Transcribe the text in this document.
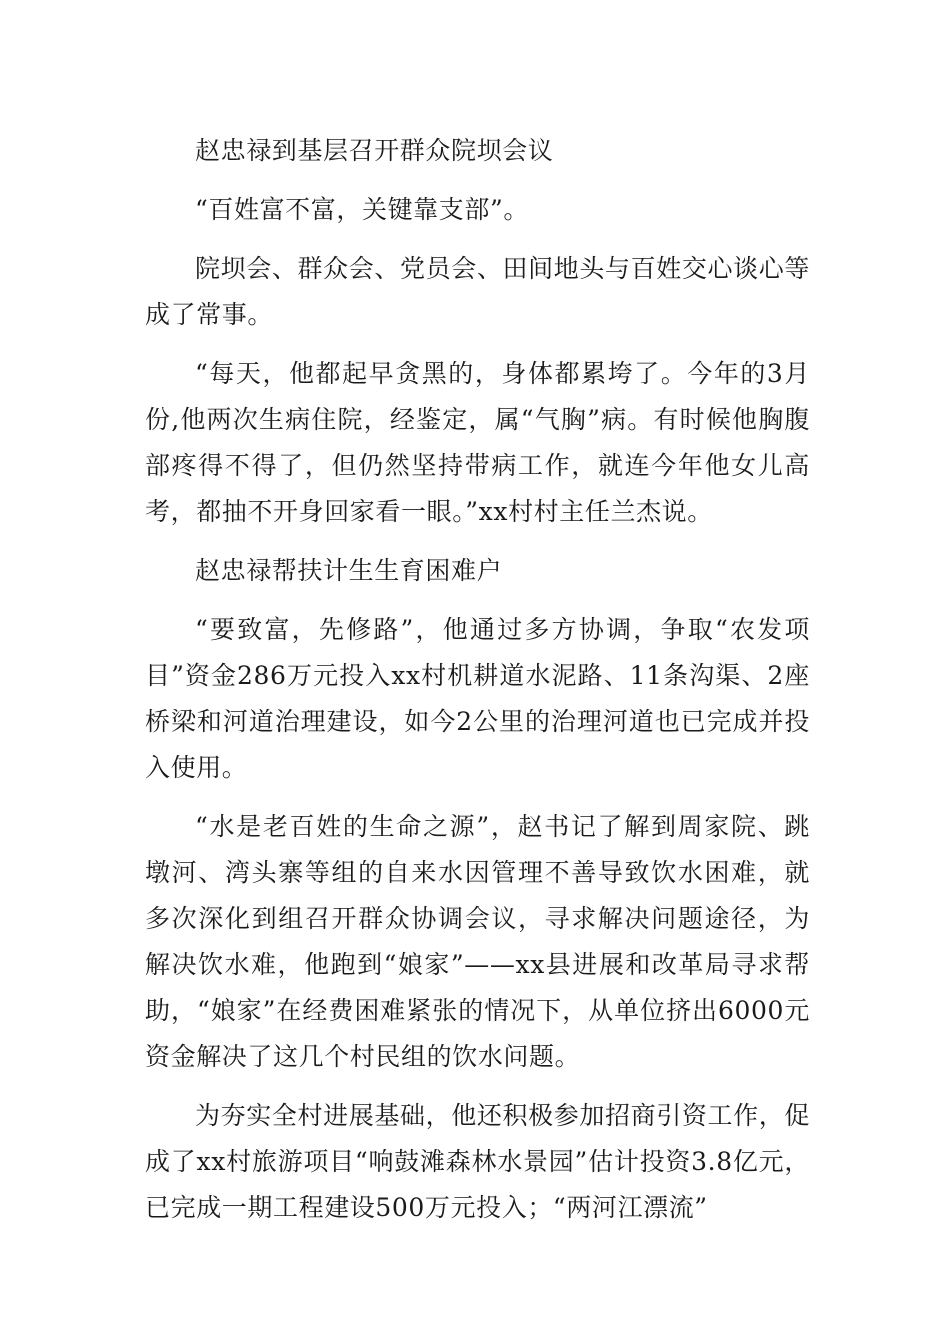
赵忠禄到基层召开群众院坝会议

“百姓富不富，关键靠支部”。

院坝会、群众会、党员会、田间地头与百姓交心谈心等成了常事。

“每天，他都起早贪黑的，身体都累垮了。今年的3月份,他两次生病住院，经鉴定，属“气胸”病。有时候他胸腹部疼得不得了，但仍然坚持带病工作，就连今年他女儿高考，都抽不开身回家看一眼。”xx村村主任兰杰说。

赵忠禄帮扶计生生育困难户

“要致富，先修路”，他通过多方协调，争取“农发项目”资金286万元投入xx村机耕道水泥路、11条沟渠、2座桥梁和河道治理建设，如今2公里的治理河道也已完成并投入使用。

“水是老百姓的生命之源”，赵书记了解到周家院、跳墩河、湾头寨等组的自来水因管理不善导致饮水困难，就多次深化到组召开群众协调会议，寻求解决问题途径，为解决饮水难，他跑到“娘家”——xx县进展和改革局寻求帮助，“娘家”在经费困难紧张的情况下，从单位挤出6000元资金解决了这几个村民组的饮水问题。

为夯实全村进展基础，他还积极参加招商引资工作，促成了xx村旅游项目“响鼓滩森林水景园”估计投资3.8亿元，已完成一期工程建设500万元投入；“两河江漂流”
